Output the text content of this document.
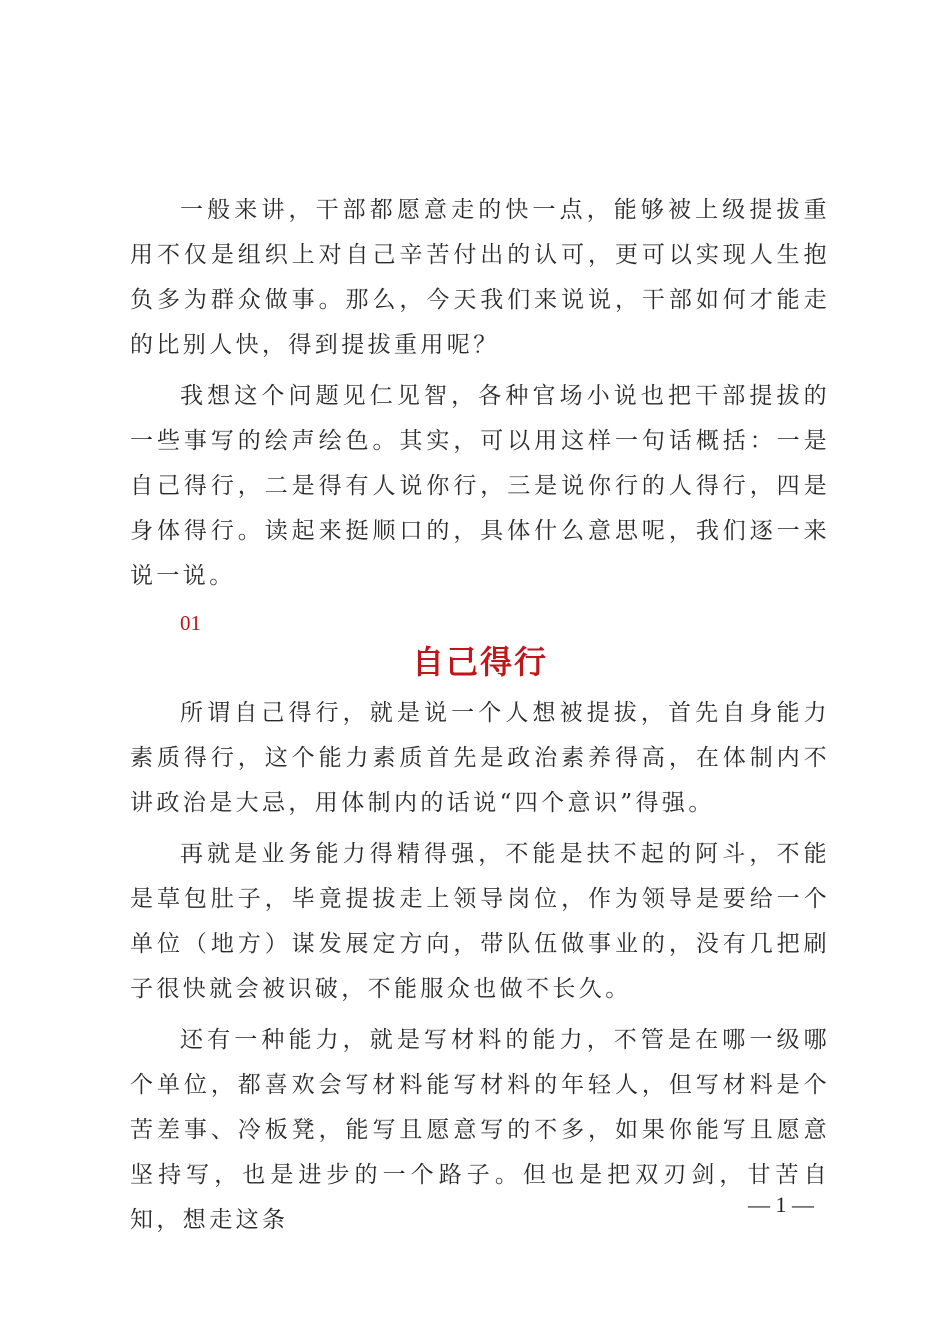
一般来讲，干部都愿意走的快一点，能够被上级提拔重用不仅是组织上对自己辛苦付出的认可，更可以实现人生抱负多为群众做事。那么，今天我们来说说，干部如何才能走的比别人快，得到提拔重用呢？

我想这个问题见仁见智，各种官场小说也把干部提拔的一些事写的绘声绘色。其实，可以用这样一句话概括：一是自己得行，二是得有人说你行，三是说你行的人得行，四是身体得行。读起来挺顺口的，具体什么意思呢，我们逐一来说一说。

01
自己得行

所谓自己得行，就是说一个人想被提拔，首先自身能力素质得行，这个能力素质首先是政治素养得高，在体制内不讲政治是大忌，用体制内的话说“四个意识”得强。

再就是业务能力得精得强，不能是扶不起的阿斗，不能是草包肚子，毕竟提拔走上领导岗位，作为领导是要给一个单位（地方）谋发展定方向，带队伍做事业的，没有几把刷子很快就会被识破，不能服众也做不长久。

还有一种能力，就是写材料的能力，不管是在哪一级哪个单位，都喜欢会写材料能写材料的年轻人，但写材料是个苦差事、冷板凳，能写且愿意写的不多，如果你能写且愿意坚持写，也是进步的一个路子。但也是把双刃剑，甘苦自知，想走这条

— 1 —
